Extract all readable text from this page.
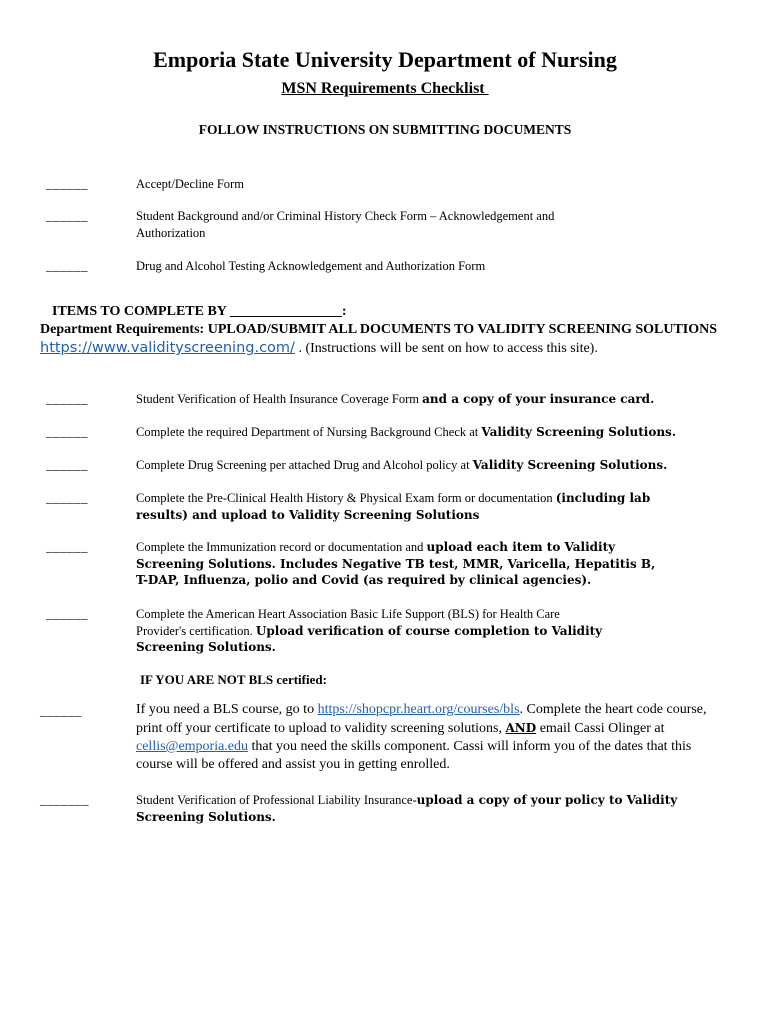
Emporia State University Department of Nursing
MSN Requirements Checklist
FOLLOW INSTRUCTIONS ON SUBMITTING DOCUMENTS
______	Accept/Decline Form
______	Student Background and/or Criminal History Check Form – Acknowledgement and Authorization
______	Drug and Alcohol Testing Acknowledgement and Authorization Form
ITEMS TO COMPLETE BY ________________:
Department Requirements: UPLOAD/SUBMIT ALL DOCUMENTS TO VALIDITY SCREENING SOLUTIONS https://www.validityscreening.com/ . (Instructions will be sent on how to access this site).
______	Student Verification of Health Insurance Coverage Form and a copy of your insurance card.
______	Complete the required Department of Nursing Background Check at Validity Screening Solutions.
______	Complete Drug Screening per attached Drug and Alcohol policy at Validity Screening Solutions.
______	Complete the Pre-Clinical Health History & Physical Exam form or documentation (including lab results) and upload to Validity Screening Solutions
______	Complete the Immunization record or documentation and upload each item to Validity Screening Solutions. Includes Negative TB test, MMR, Varicella, Hepatitis B, T-DAP, Influenza, polio and Covid (as required by clinical agencies).
______	Complete the American Heart Association Basic Life Support (BLS) for Health Care Provider's certification. Upload verification of course completion to Validity Screening Solutions.
IF YOU ARE NOT BLS certified:
______	If you need a BLS course, go to https://shopcpr.heart.org/courses/bls. Complete the heart code course, print off your certificate to upload to validity screening solutions, AND email Cassi Olinger at cellis@emporia.edu that you need the skills component. Cassi will inform you of the dates that this course will be offered and assist you in getting enrolled.
_______	Student Verification of Professional Liability Insurance-upload a copy of your policy to Validity Screening Solutions.
